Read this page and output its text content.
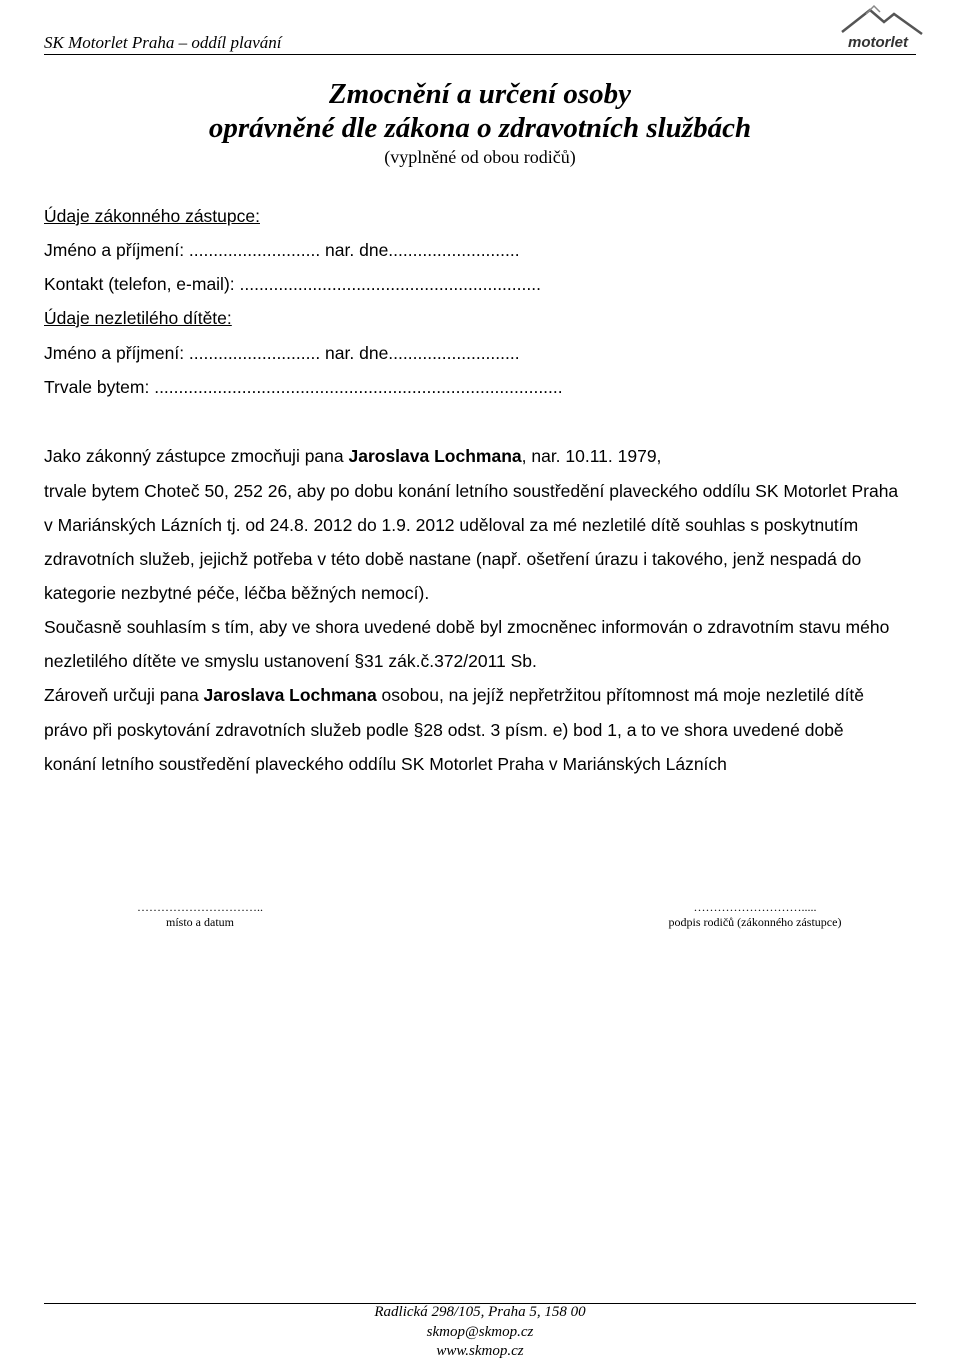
SK Motorlet Praha – oddíl plavání	motorlet
Zmocnění a určení osoby
oprávněné dle zákona o zdravotních službách
(vyplněné od obou rodičů)
Údaje zákonného zástupce:
Jméno a příjmení: ........................... nar. dne...........................
Kontakt (telefon, e-mail): ..............................................................
Údaje nezletilého dítěte:
Jméno a příjmení: ........................... nar. dne...........................
Trvale bytem: ....................................................................................
Jako zákonný zástupce zmocňuji pana Jaroslava Lochmana, nar. 10.11. 1979,
trvale bytem Choteč 50, 252 26, aby po dobu konání letního soustředění plaveckého oddílu SK Motorlet Praha
v Mariánských Lázních tj. od 24.8. 2012 do 1.9. 2012 uděloval za mé nezletilé dítě souhlas s poskytnutím
zdravotních služeb, jejichž potřeba v této době nastane (např. ošetření úrazu i takového, jenž nespadá do
kategorie nezbytné péče, léčba běžných nemocí).
Současně souhlasím s tím, aby ve shora uvedené době byl zmocněnec informován o zdravotním stavu mého
nezletilého dítěte ve smyslu ustanovení §31 zák.č.372/2011 Sb.
Zároveň určuji pana Jaroslava Lochmana osobou, na jejíž nepřetržitou přítomnost má moje nezletilé dítě
právo při poskytování zdravotních služeb podle §28 odst. 3 písm. e) bod 1, a to ve shora uvedené době
konání letního soustředění plaveckého oddílu SK Motorlet Praha v Mariánských Lázních
…………………………..
místo a datum
……………………….....
podpis rodičů (zákonného zástupce)
Radlická 298/105, Praha 5, 158 00
skmop@skmop.cz
www.skmop.cz
